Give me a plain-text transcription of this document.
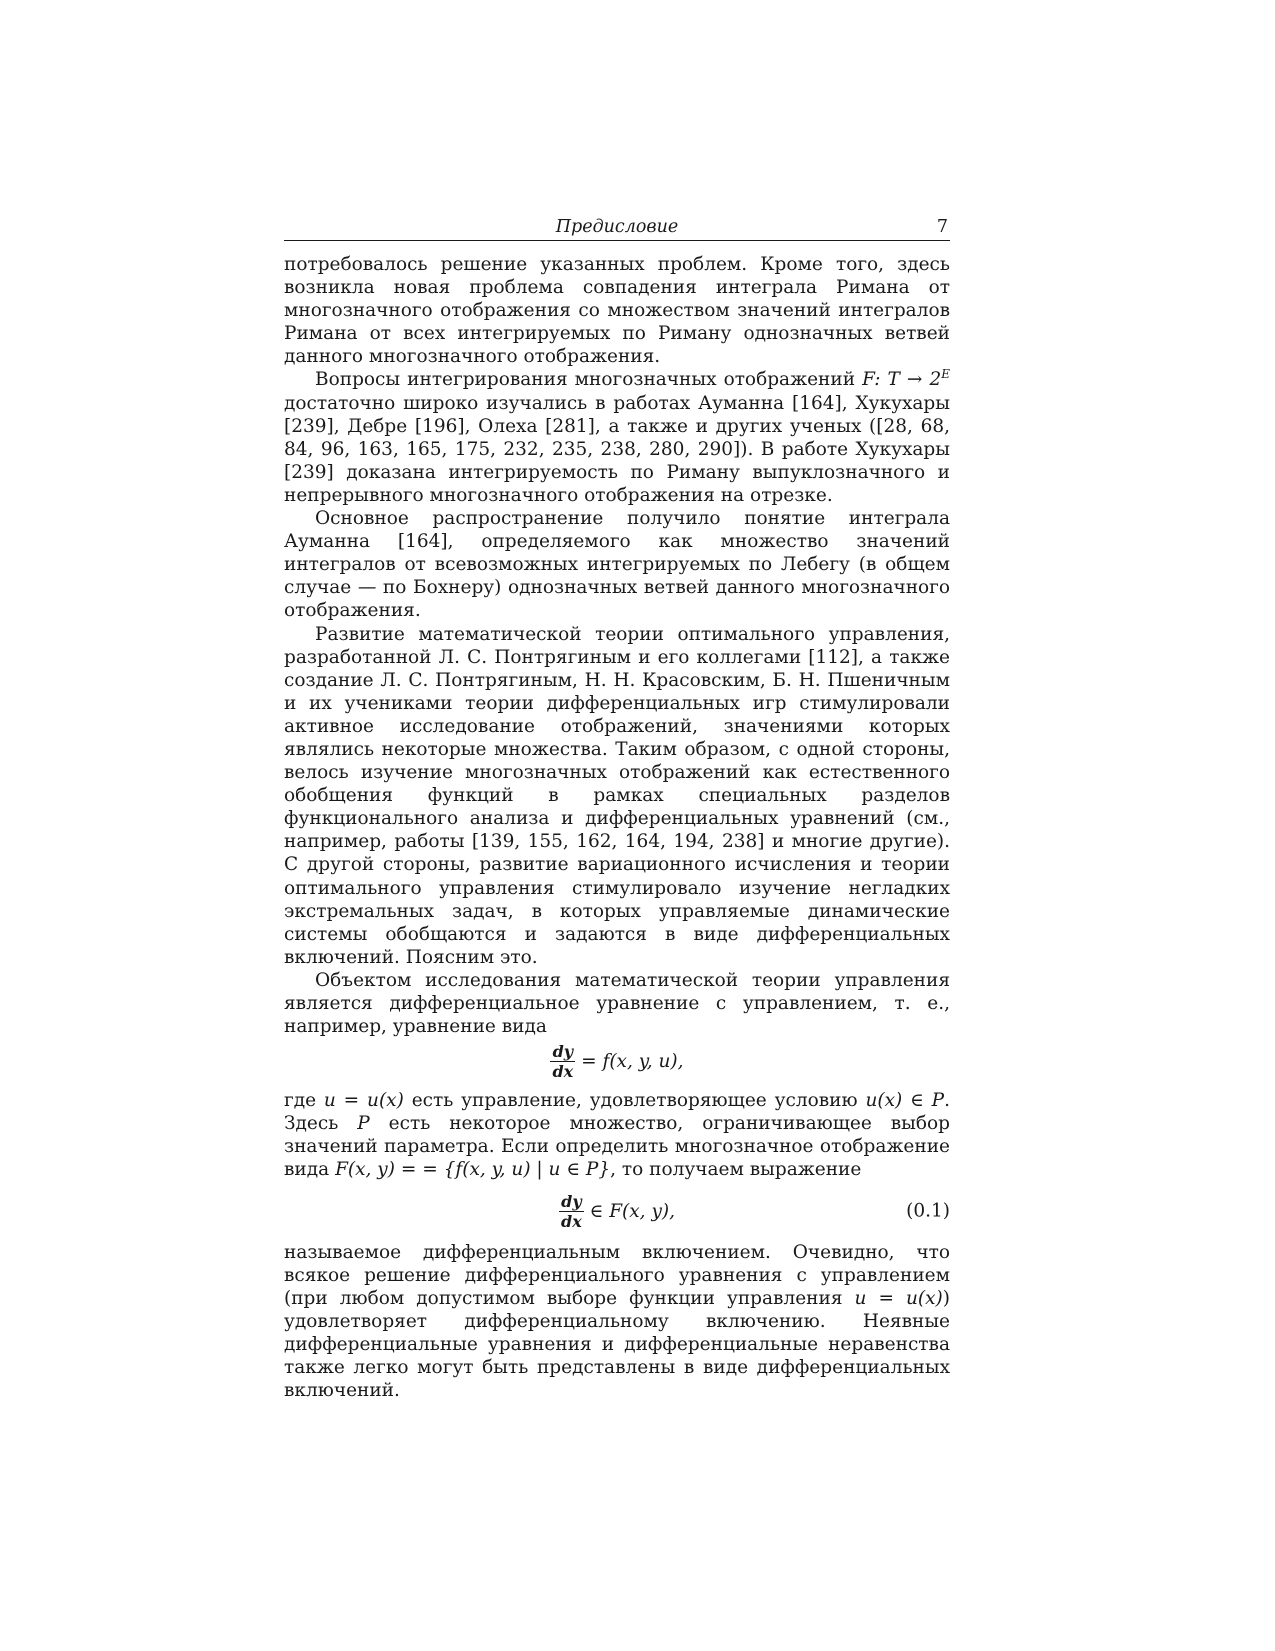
Предисловие	7

потребовалось решение указанных проблем. Кроме того, здесь возникла новая проблема совпадения интеграла Римана от многозначного отображения со множеством значений интегралов Римана от всех интегрируемых по Риману однозначных ветвей данного многозначного отображения.

Вопросы интегрирования многозначных отображений F: $T \to 2^E$ достаточно широко изучались в работах Ауманна [164], Хукухары [239], Дебре [196], Олеха [281], а также и других ученых ([28, 68, 84, 96, 163, 165, 175, 232, 235, 238, 280, 290]). В работе Хукухары [239] доказана интегрируемость по Риману выпуклозначного и непрерывного многозначного отображения на отрезке.

Основное распространение получило понятие интеграла Ауманна [164], определяемого как множество значений интегралов от всевозможных интегрируемых по Лебегу (в общем случае — по Бохнеру) однозначных ветвей данного многозначного отображения.

Развитие математической теории оптимального управления, разработанной Л. С. Понтрягиным и его коллегами [112], а также создание Л. С. Понтрягиным, Н. Н. Красовским, Б. Н. Пшеничным и их учениками теории дифференциальных игр стимулировали активное исследование отображений, значениями которых являлись некоторые множества. Таким образом, с одной стороны, велось изучение многозначных отображений как естественного обобщения функций в рамках специальных разделов функционального анализа и дифференциальных уравнений (см., например, работы [139, 155, 162, 164, 194, 238] и многие другие). С другой стороны, развитие вариационного исчисления и теории оптимального управления стимулировало изучение негладких экстремальных задач, в которых управляемые динамические системы обобщаются и задаются в виде дифференциальных включений. Поясним это.

Объектом исследования математической теории управления является дифференциальное уравнение с управлением, т. е., например, уравнение вида

$\frac{dy}{dx} = f(x$, y, u),

где u = u(x) есть управление, удовлетворяющее условию u(x) ∈ P. Здесь P есть некоторое множество, ограничивающее выбор значений параметра. Если определить многозначное отображение вида F(x, y) = = {f(x, y, u) | u ∈ P}, то получаем выражение

$\frac{dy}{dx}$ ∈ F(x, y),	(0.1)

называемое дифференциальным включением. Очевидно, что всякое решение дифференциального уравнения с управлением (при любом допустимом выборе функции управления u = u(x)) удовлетворяет дифференциальному включению. Неявные дифференциальные уравнения и дифференциальные неравенства также легко могут быть представлены в виде дифференциальных включений.
